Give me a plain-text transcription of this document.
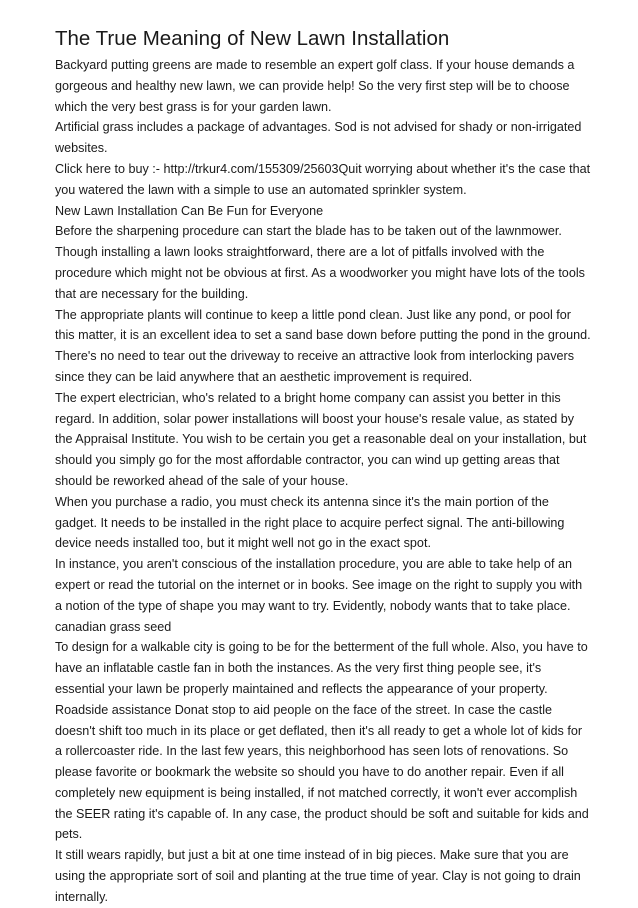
The True Meaning of New Lawn Installation

Backyard putting greens are made to resemble an expert golf class. If your house demands a gorgeous and healthy new lawn, we can provide help! So the very first step will be to choose which the very best grass is for your garden lawn.

Artificial grass includes a package of advantages. Sod is not advised for shady or non-irrigated websites.

Click here to buy :- http://trkur4.com/155309/25603Quit worrying about whether it's the case that you watered the lawn with a simple to use an automated sprinkler system.

New Lawn Installation Can Be Fun for Everyone

Before the sharpening procedure can start the blade has to be taken out of the lawnmower. Though installing a lawn looks straightforward, there are a lot of pitfalls involved with the procedure which might not be obvious at first. As a woodworker you might have lots of the tools that are necessary for the building.

The appropriate plants will continue to keep a little pond clean. Just like any pond, or pool for this matter, it is an excellent idea to set a sand base down before putting the pond in the ground. There's no need to tear out the driveway to receive an attractive look from interlocking pavers since they can be laid anywhere that an aesthetic improvement is required.

The expert electrician, who's related to a bright home company can assist you better in this regard. In addition, solar power installations will boost your house's resale value, as stated by the Appraisal Institute. You wish to be certain you get a reasonable deal on your installation, but should you simply go for the most affordable contractor, you can wind up getting areas that should be reworked ahead of the sale of your house.

When you purchase a radio, you must check its antenna since it's the main portion of the gadget. It needs to be installed in the right place to acquire perfect signal. The anti-billowing device needs installed too, but it might well not go in the exact spot.

In instance, you aren't conscious of the installation procedure, you are able to take help of an expert or read the tutorial on the internet or in books. See image on the right to supply you with a notion of the type of shape you may want to try. Evidently, nobody wants that to take place.

canadian grass seed

To design for a walkable city is going to be for the betterment of the full whole. Also, you have to have an inflatable castle fan in both the instances. As the very first thing people see, it's essential your lawn be properly maintained and reflects the appearance of your property. Roadside assistance Donat stop to aid people on the face of the street. In case the castle doesn't shift too much in its place or get deflated, then it's all ready to get a whole lot of kids for a rollercoaster ride. In the last few years, this neighborhood has seen lots of renovations. So please favorite or bookmark the website so should you have to do another repair. Even if all completely new equipment is being installed, if not matched correctly, it won't ever accomplish the SEER rating it's capable of. In any case, the product should be soft and suitable for kids and pets.

It still wears rapidly, but just a bit at one time instead of in big pieces. Make sure that you are using the appropriate sort of soil and planting at the true time of year. Clay is not going to drain internally.
